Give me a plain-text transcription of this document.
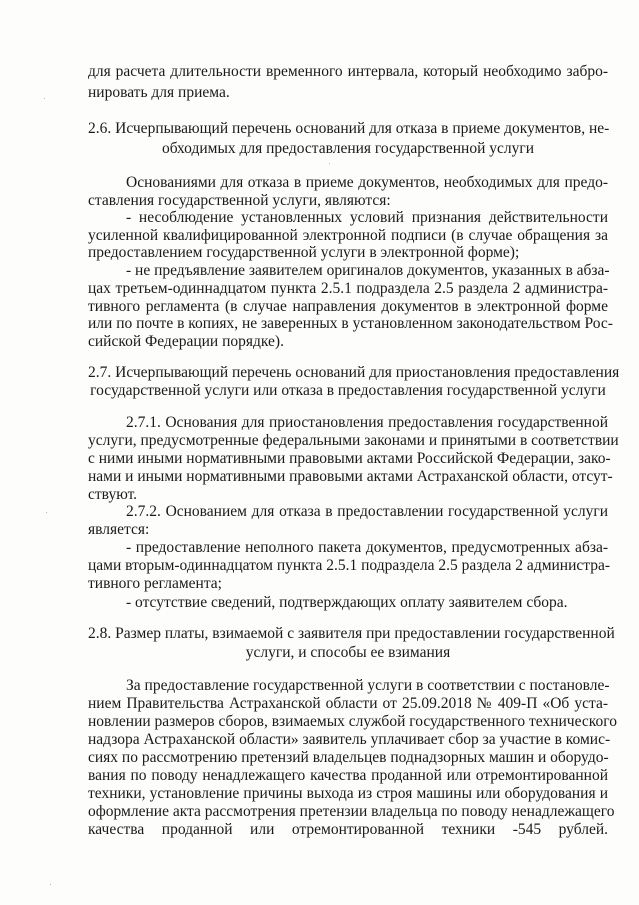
для расчета длительности временного интервала, который необходимо забро-
нировать для приема.
2.6. Исчерпывающий перечень оснований для отказа в приеме документов, не-
обходимых для предоставления государственной услуги
Основаниями для отказа в приеме документов, необходимых для предо-
ставления государственной услуги, являются:
- несоблюдение установленных условий признания действительности
усиленной квалифицированной электронной подписи (в случае обращения за
предоставлением государственной услуги в электронной форме);
- не предъявление заявителем оригиналов документов, указанных в абза-
цах третьем-одиннадцатом пункта 2.5.1 подраздела 2.5 раздела 2 администра-
тивного регламента (в случае направления документов в электронной форме
или по почте в копиях, не заверенных в установленном законодательством Рос-
сийской Федерации порядке).
2.7. Исчерпывающий перечень оснований для приостановления предоставления
государственной услуги или отказа в предоставления государственной услуги
2.7.1. Основания для приостановления предоставления государственной
услуги, предусмотренные федеральными законами и принятыми в соответствии
с ними иными нормативными правовыми актами Российской Федерации, зако-
нами и иными нормативными правовыми актами Астраханской области, отсут-
ствуют.
2.7.2. Основанием для отказа в предоставлении государственной услуги
является:
- предоставление неполного пакета документов, предусмотренных абза-
цами вторым-одиннадцатом пункта 2.5.1 подраздела 2.5 раздела 2 администра-
тивного регламента;
- отсутствие сведений, подтверждающих оплату заявителем сбора.
2.8. Размер платы, взимаемой с заявителя при предоставлении государственной
услуги, и способы ее взимания
За предоставление государственной услуги в соответствии с постановле-
нием Правительства Астраханской области от 25.09.2018 № 409-П «Об уста-
новлении размеров сборов, взимаемых службой государственного технического
надзора Астраханской области» заявитель уплачивает сбор за участие в комис-
сиях по рассмотрению претензий владельцев поднадзорных машин и оборудо-
вания по поводу ненадлежащего качества проданной или отремонтированной
техники, установление причины выхода из строя машины или оборудования и
оформление акта рассмотрения претензии владельца по поводу ненадлежащего
качества проданной или отремонтированной техники -545 рублей.
